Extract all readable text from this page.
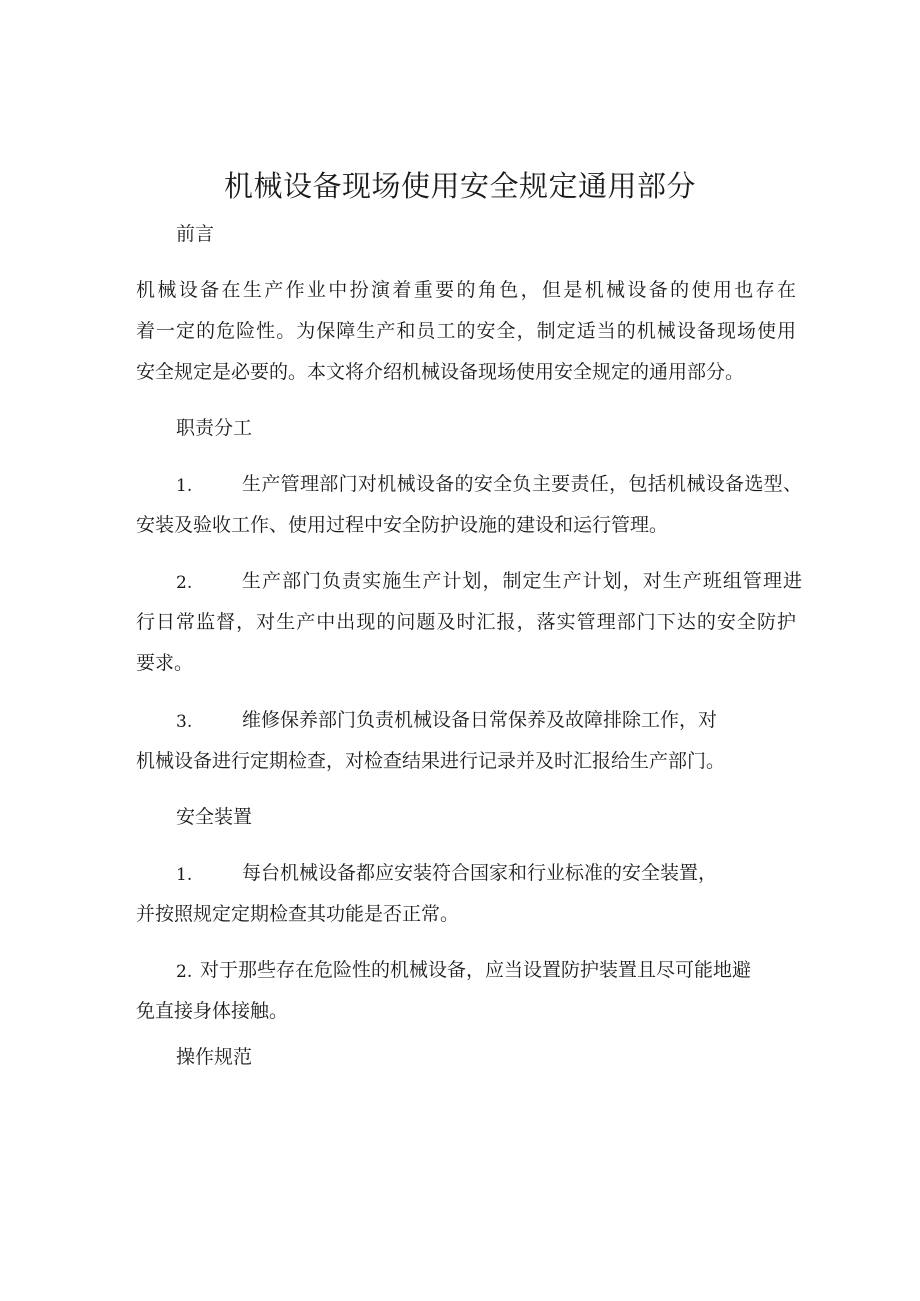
机械设备现场使用安全规定通用部分
前言
机械设备在生产作业中扮演着重要的角色，但是机械设备的使用也存在
着一定的危险性。为保障生产和员工的安全，制定适当的机械设备现场使用
安全规定是必要的。本文将介绍机械设备现场使用安全规定的通用部分。
职责分工
1.	生产管理部门对机械设备的安全负主要责任，包括机械设备选型、
安装及验收工作、使用过程中安全防护设施的建设和运行管理。
2.	生产部门负责实施生产计划，制定生产计划，对生产班组管理进
行日常监督，对生产中出现的问题及时汇报，落实管理部门下达的安全防护
要求。
3.	维修保养部门负责机械设备日常保养及故障排除工作，对
机械设备进行定期检查，对检查结果进行记录并及时汇报给生产部门。
安全装置
1.	每台机械设备都应安装符合国家和行业标准的安全装置，
并按照规定定期检查其功能是否正常。
2. 对于那些存在危险性的机械设备，应当设置防护装置且尽可能地避
免直接身体接触。
操作规范
